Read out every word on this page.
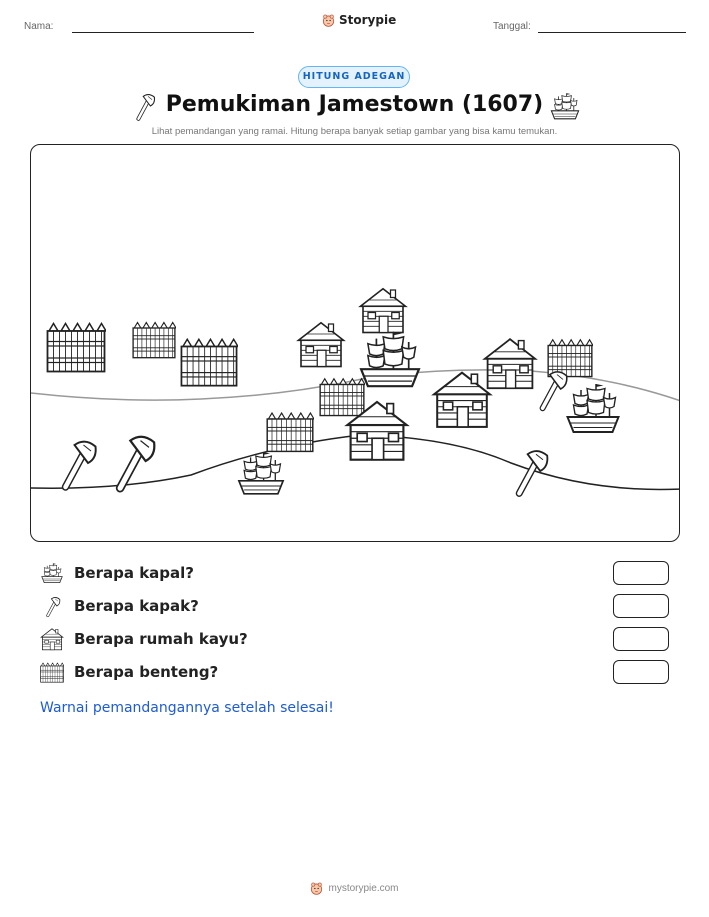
Nama:	Storypie	Tanggal:
HITUNG ADEGAN
Pemukiman Jamestown (1607)
Lihat pemandangan yang ramai. Hitung berapa banyak setiap gambar yang bisa kamu temukan.
Berapa kapal?
Berapa kapak?
Berapa rumah kayu?
Berapa benteng?
Warnai pemandangannya setelah selesai!
mystorypie.com
